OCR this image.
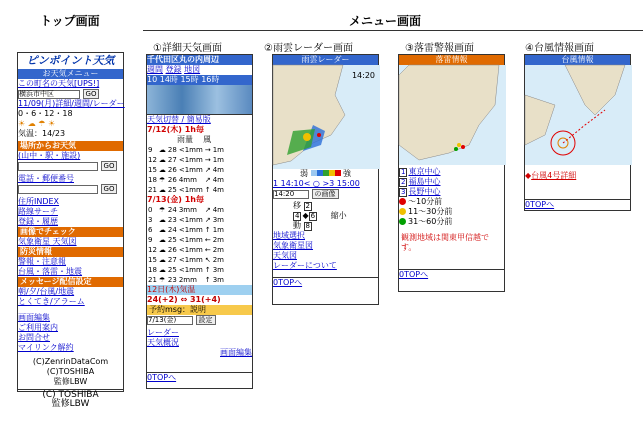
トップ画面	メニュー画面
①詳細天気画面	②雨雲レーダー画面	③落雷警報画面	④台風情報画面
ピンポイント天気
お天気メニュー
この町名の天気[UPS!]
横浜市中区	GO
11/09(月)詳細/週間/レーダー
0・6・12・18
☀ ☁ ☂ ☀
気温：14/23
場所からお天気
(山中・駅・施設)
GO
電話・郵便番号
GO
住所INDEX
路線サーチ
登録・履歴
画像でチェック
気象衛星 天気図
防災情報
警報・注意報
台風・落雷・地震
メッセージ配信設定
朝/夕/台風/地震
とくてき/アラーム
画面編集
ご利用案内
お問合せ
マイリンク解約
(C)ZenrinDataCom
(C)TOSHIBA
監修LBW
(C) TOSHIBA
監修LBW
千代田区丸の内周辺
週間 登録 地図
10 14時 15時 16時
天気切替 / 簡易版
7/12(木) 1h毎
雨量 風
9	☁	28	<1mm	→	1m
12	☁	27	<1mm	→	1m
15	☁	26	<1mm	↗	4m
18	☂	26	4mm	↗	4m
21	☁	25	<1mm	↑	4m
7/13(金) 1h毎
0	☂	24	3mm	↗	4m
3	☁	23	<1mm	↗	3m
6	☁	24	<1mm	↑	1m
9	☁	25	<1mm	←	2m
12	☁	26	<1mm	←	2m
15	☁	27	<1mm	↖	2m
18	☁	25	<1mm	↑	3m
21	☂	23	2mm	↑	3m
12日(木)気温
24(+2) ⇔ 31(+4)
予約msg：説明
7/13(金)	設定
レーダー
天気概況
画面編集
0TOPへ
雨雲レーダー
14:20
弱	強
1 14:10< ○ >3 15:00
14:20	の画像
移 2
4 ◆ 6 縮小
動 8
地域選択
気象衛星図
天気図
レーダーについて
0TOPへ
落雷情報
1 東京中心
2 福島中心
3 長野中心
〜10分前
11〜30分前
31〜60分前
観測地域は関東甲信越です。
0TOPへ
台風情報
◆台風4号詳細
0TOPへ
